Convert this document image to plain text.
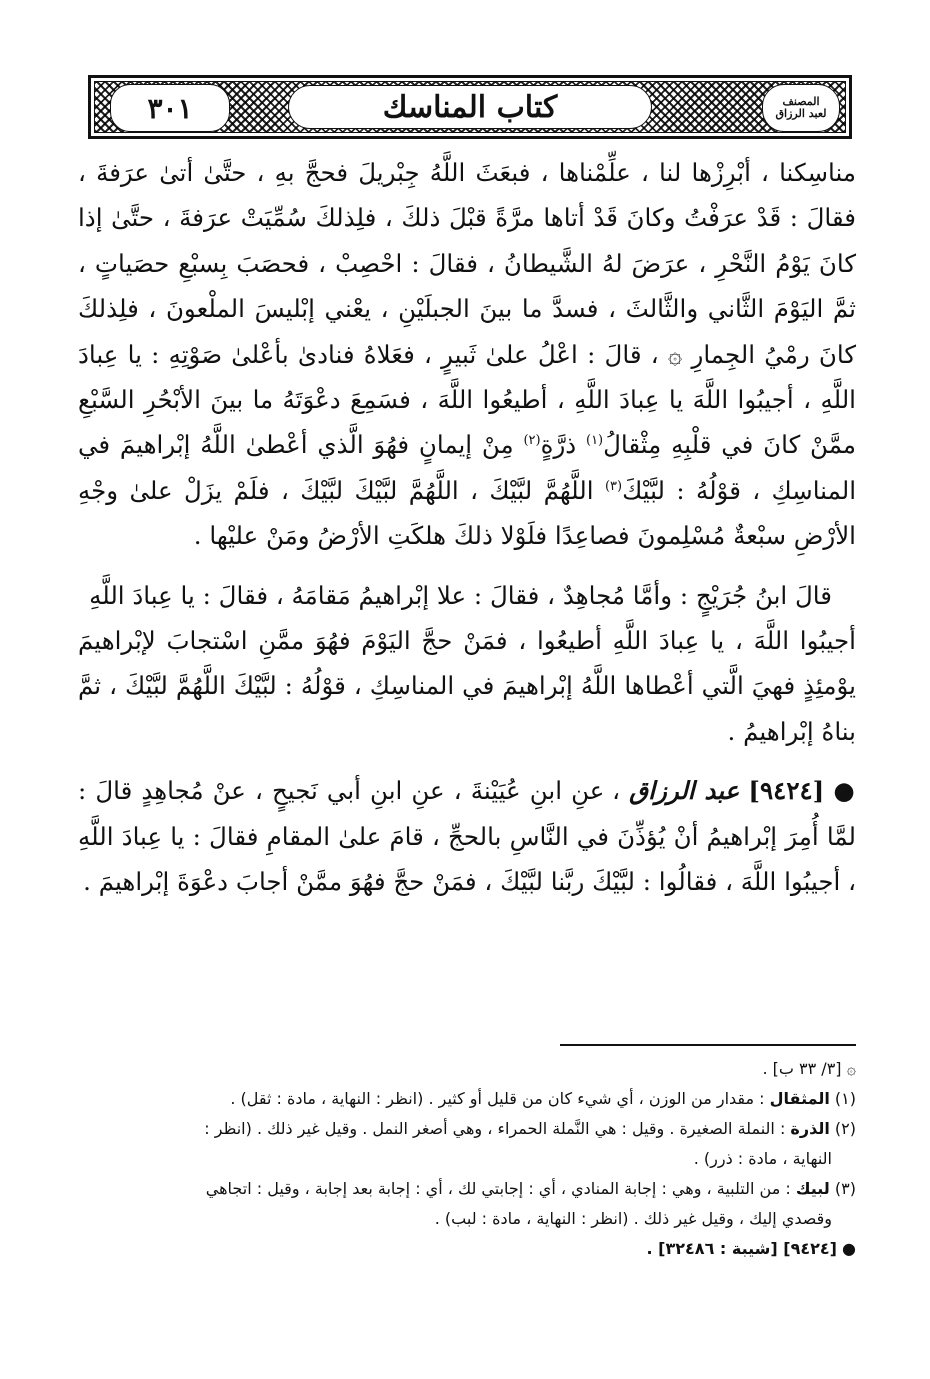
٣٠١	كتاب المناسك	المصنف
لعبد الرزاق

مناسِكنا ، أبْرِزْها لنا ، علِّمْناها ، فبعَثَ اللَّهُ جِبْريلَ فحجَّ بهِ ، حتَّىٰ أتىٰ عرَفةَ ، فقالَ : قَدْ عرَفْتُ وكانَ قَدْ أتاها مرَّةً قبْلَ ذلكَ ، فلِذلكَ سُمِّيَتْ عرَفةَ ، حتَّىٰ إذا كانَ يَوْمُ النَّحْرِ ، عرَضَ لهُ الشَّيطانُ ، فقالَ : احْصِبْ ، فحصَبَ بِسبْعِ حصَياتٍ ، ثمَّ اليَوْمَ الثَّاني والثَّالثَ ، فسدَّ ما بينَ الجبلَيْنِ ، يعْني إبْليسَ الملْعونَ ، فلِذلكَ كانَ رمْيُ الجِمارِ ۞ ، قالَ : اعْلُ علىٰ ثَبيرٍ ، فعَلاهُ فنادىٰ بأعْلىٰ صَوْتِهِ : يا عِبادَ اللَّهِ ، أجيبُوا اللَّهَ يا عِبادَ اللَّهِ ، أطيعُوا اللَّهَ ، فسَمِعَ دعْوَتَهُ ما بينَ الأبْحُرِ السَّبْعِ ممَّنْ كانَ في قلْبِهِ مِثْقالُ$^{(١)}$ ذرَّةٍ$^{(٢)}$ مِنْ إيمانٍ فهُوَ الَّذي أعْطىٰ اللَّهُ إبْراهيمَ في المناسِكِ ، قوْلُهُ : لبَّيْكَ$^{(٣)}$ اللَّهُمَّ لبَّيْكَ ، اللَّهُمَّ لبَّيْكَ لبَّيْكَ ، فلَمْ يزَلْ علىٰ وجْهِ الأرْضِ سبْعةٌ مُسْلِمونَ فصاعِدًا فلَوْلا ذلكَ هلكَتِ الأرْضُ ومَنْ عليْها .

قالَ ابنُ جُرَيْجٍ : وأمَّا مُجاهِدٌ ، فقالَ : علا إبْراهيمُ مَقامَهُ ، فقالَ : يا عِبادَ اللَّهِ

أجيبُوا اللَّهَ ، يا عِبادَ اللَّهِ أطيعُوا ، فمَنْ حجَّ اليَوْمَ فهُوَ ممَّنِ اسْتجابَ لإبْراهيمَ يوْمئِذٍ فهيَ الَّتي أعْطاها اللَّهُ إبْراهيمَ في المناسِكِ ، قوْلُهُ : لبَّيْكَ اللَّهُمَّ لبَّيْكَ ، ثمَّ بناهُ إبْراهيمُ .

● [٩٤٢٤] عبد الرزاق ، عنِ ابنِ عُيَيْنةَ ، عنِ ابنِ أبي نَجيحٍ ، عنْ مُجاهِدٍ قالَ : لمَّا أُمِرَ إبْراهيمُ أنْ يُؤذِّنَ في النَّاسِ بالحجِّ ، قامَ علىٰ المقامِ فقالَ : يا عِبادَ اللَّهِ ، أجيبُوا اللَّهَ ، فقالُوا : لبَّيْكَ ربَّنا لبَّيْكَ ، فمَنْ حجَّ فهُوَ ممَّنْ أجابَ دعْوَةَ إبْراهيمَ .

۞ [٣/ ٣٣ ب] .

(١) المثقال : مقدار من الوزن ، أي شيء كان من قليل أو كثير . (انظر : النهاية ، مادة : ثقل) .

(٢) الذرة : النملة الصغيرة . وقيل : هي النَّملة الحمراء ، وهي أصغر النمل . وقيل غير ذلك . (انظر :

النهاية ، مادة : ذرر) .

(٣) لبيك : من التلبية ، وهي : إجابة المنادي ، أي : إجابتي لك ، أي : إجابة بعد إجابة ، وقيل : اتجاهي

وقصدي إليك ، وقيل غير ذلك . (انظر : النهاية ، مادة : لبب) .

● [٩٤٢٤] [شيبة : ٣٢٤٨٦] .
